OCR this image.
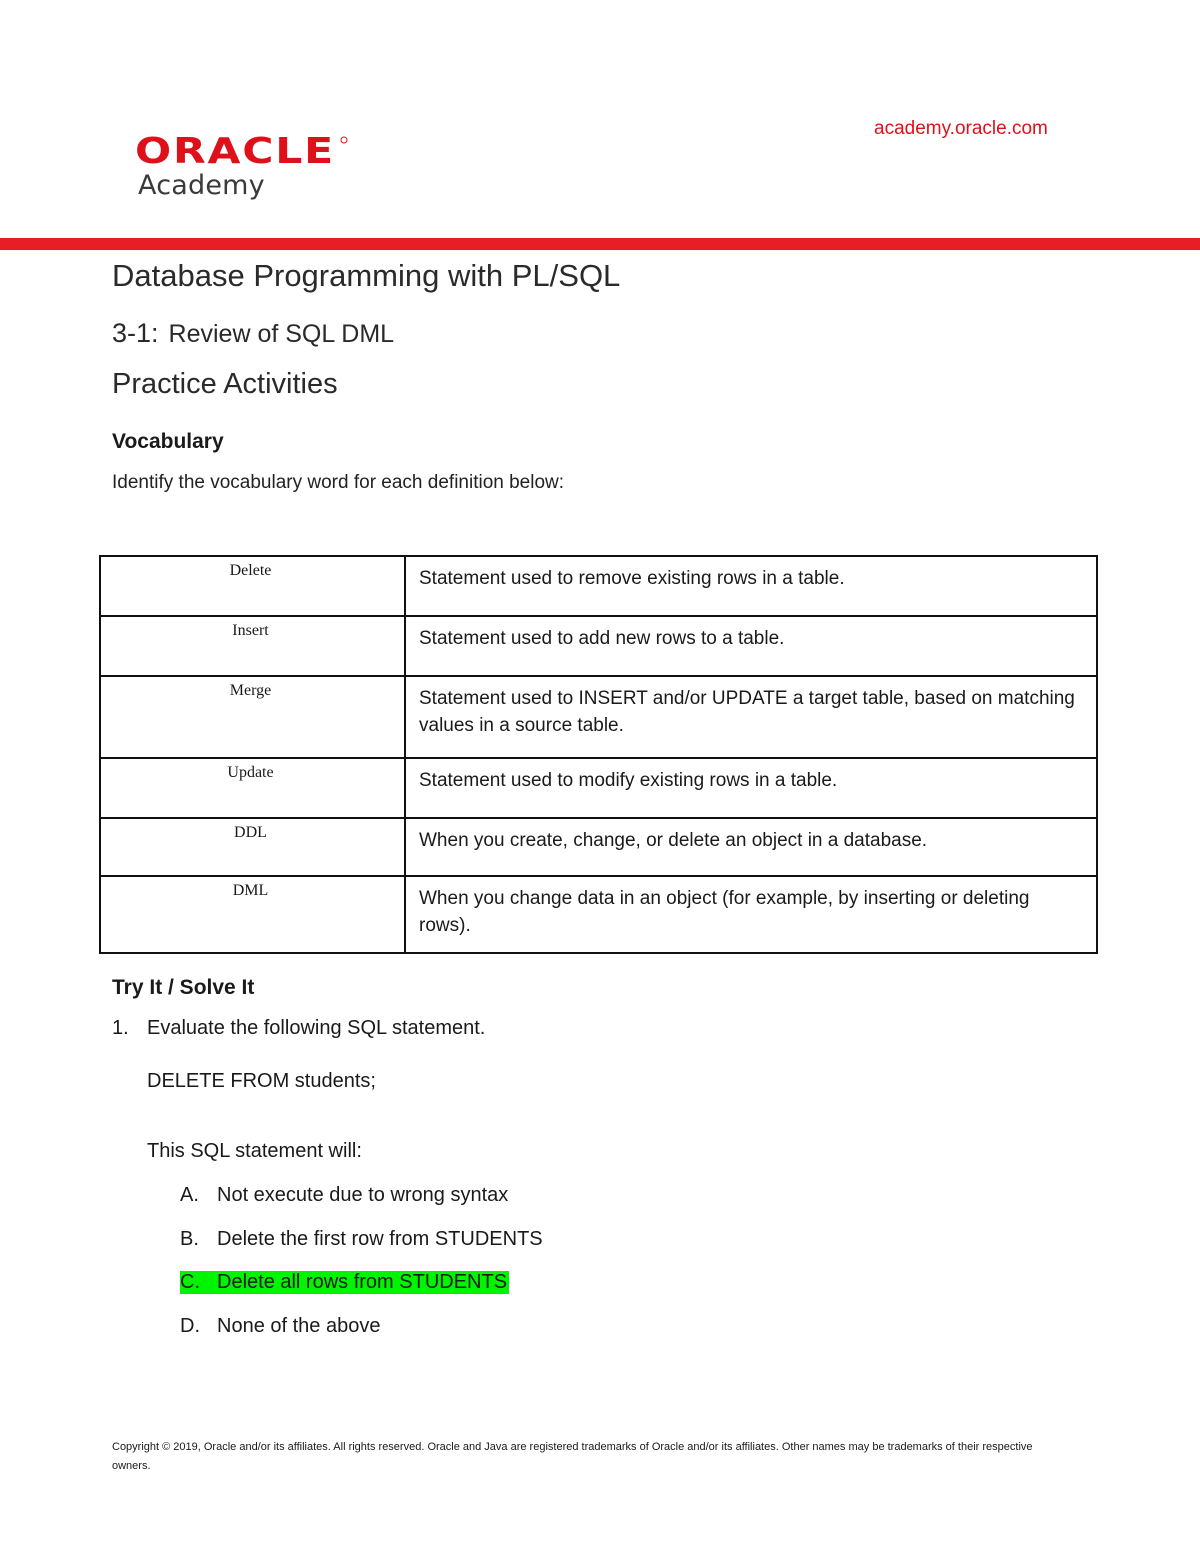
ORACLE
Academy
academy.oracle.com
Database Programming with PL/SQL
3-1: Review of SQL DML
Practice Activities
Vocabulary
Identify the vocabulary word for each definition below:
Delete	Statement used to remove existing rows in a table.
Insert	Statement used to add new rows to a table.
Merge	Statement used to INSERT and/or UPDATE a target table, based on matching values in a source table.
Update	Statement used to modify existing rows in a table.
DDL	When you create, change, or delete an object in a database.
DML	When you change data in an object (for example, by inserting or deleting rows).
Try It / Solve It
1. Evaluate the following SQL statement.
DELETE FROM students;
This SQL statement will:
A. Not execute due to wrong syntax
B. Delete the first row from STUDENTS
C. Delete all rows from STUDENTS
D. None of the above
Copyright © 2019, Oracle and/or its affiliates. All rights reserved. Oracle and Java are registered trademarks of Oracle and/or its affiliates. Other names may be trademarks of their respective owners.
